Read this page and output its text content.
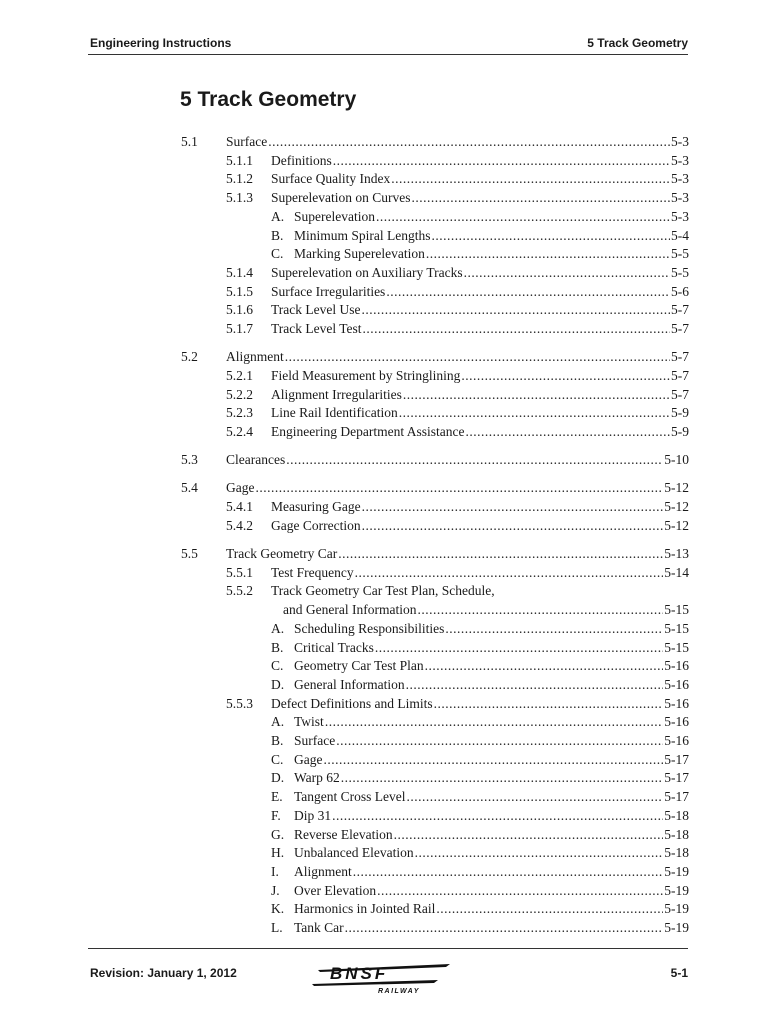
Engineering Instructions	5 Track Geometry
5 Track Geometry
5.1 Surface .....	5-3
5.1.1 Definitions .....	5-3
5.1.2 Surface Quality Index .....	5-3
5.1.3 Superelevation on Curves .....	5-3
A. Superelevation .....	5-3
B. Minimum Spiral Lengths .....	5-4
C. Marking Superelevation .....	5-5
5.1.4 Superelevation on Auxiliary Tracks .....	5-5
5.1.5 Surface Irregularities .....	5-6
5.1.6 Track Level Use .....	5-7
5.1.7 Track Level Test .....	5-7
5.2 Alignment .....	5-7
5.2.1 Field Measurement by Stringlining .....	5-7
5.2.2 Alignment Irregularities .....	5-7
5.2.3 Line Rail Identification .....	5-9
5.2.4 Engineering Department Assistance .....	5-9
5.3 Clearances .....	5-10
5.4 Gage .....	5-12
5.4.1 Measuring Gage .....	5-12
5.4.2 Gage Correction .....	5-12
5.5 Track Geometry Car .....	5-13
5.5.1 Test Frequency .....	5-14
5.5.2 Track Geometry Car Test Plan, Schedule,
and General Information .....	5-15
A. Scheduling Responsibilities .....	5-15
B. Critical Tracks .....	5-15
C. Geometry Car Test Plan .....	5-16
D. General Information .....	5-16
5.5.3 Defect Definitions and Limits .....	5-16
A. Twist .....	5-16
B. Surface .....	5-16
C. Gage .....	5-17
D. Warp 62 .....	5-17
E. Tangent Cross Level .....	5-17
F. Dip 31 .....	5-18
G. Reverse Elevation .....	5-18
H. Unbalanced Elevation .....	5-18
I. Alignment .....	5-19
J. Over Elevation .....	5-19
K. Harmonics in Jointed Rail .....	5-19
L. Tank Car .....	5-19
Revision: January 1, 2012	BNSF
RAILWAY
5-1
